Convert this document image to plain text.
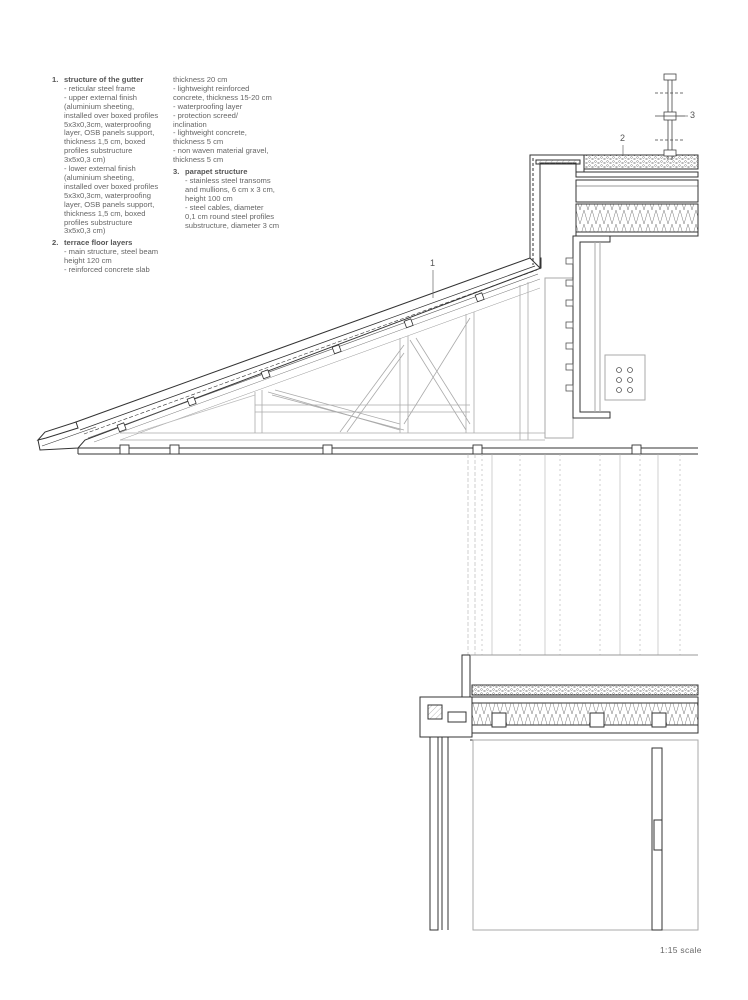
1. structure of the gutter
- reticular steel frame
- upper external finish
(aluminium sheeting,
installed over boxed profiles
5x3x0,3cm, waterproofing
layer, OSB panels support,
thickness 1,5 cm, boxed
profiles substructure
3x5x0,3 cm)
- lower external finish
(aluminium sheeting,
installed over boxed profiles
5x3x0,3cm, waterproofing
layer, OSB panels support,
thickness 1,5 cm, boxed
profiles substructure
3x5x0,3 cm)
2. terrace floor layers
- main structure, steel beam
height 120 cm
- reinforced concrete slab
thickness 20 cm
- lightweight reinforced
concrete, thickness 15-20 cm
- waterproofing layer
- protection screed/
inclination
- lightweight concrete,
thickness 5 cm
- non waven material gravel,
thickness 5 cm
3. parapet structure
- stainless steel transoms
and mullions, 6 cm x 3 cm,
height 100 cm
- steel cables, diameter
0,1 cm round steel profiles
substructure, diameter 3 cm
1
2
3
1:15 scale
